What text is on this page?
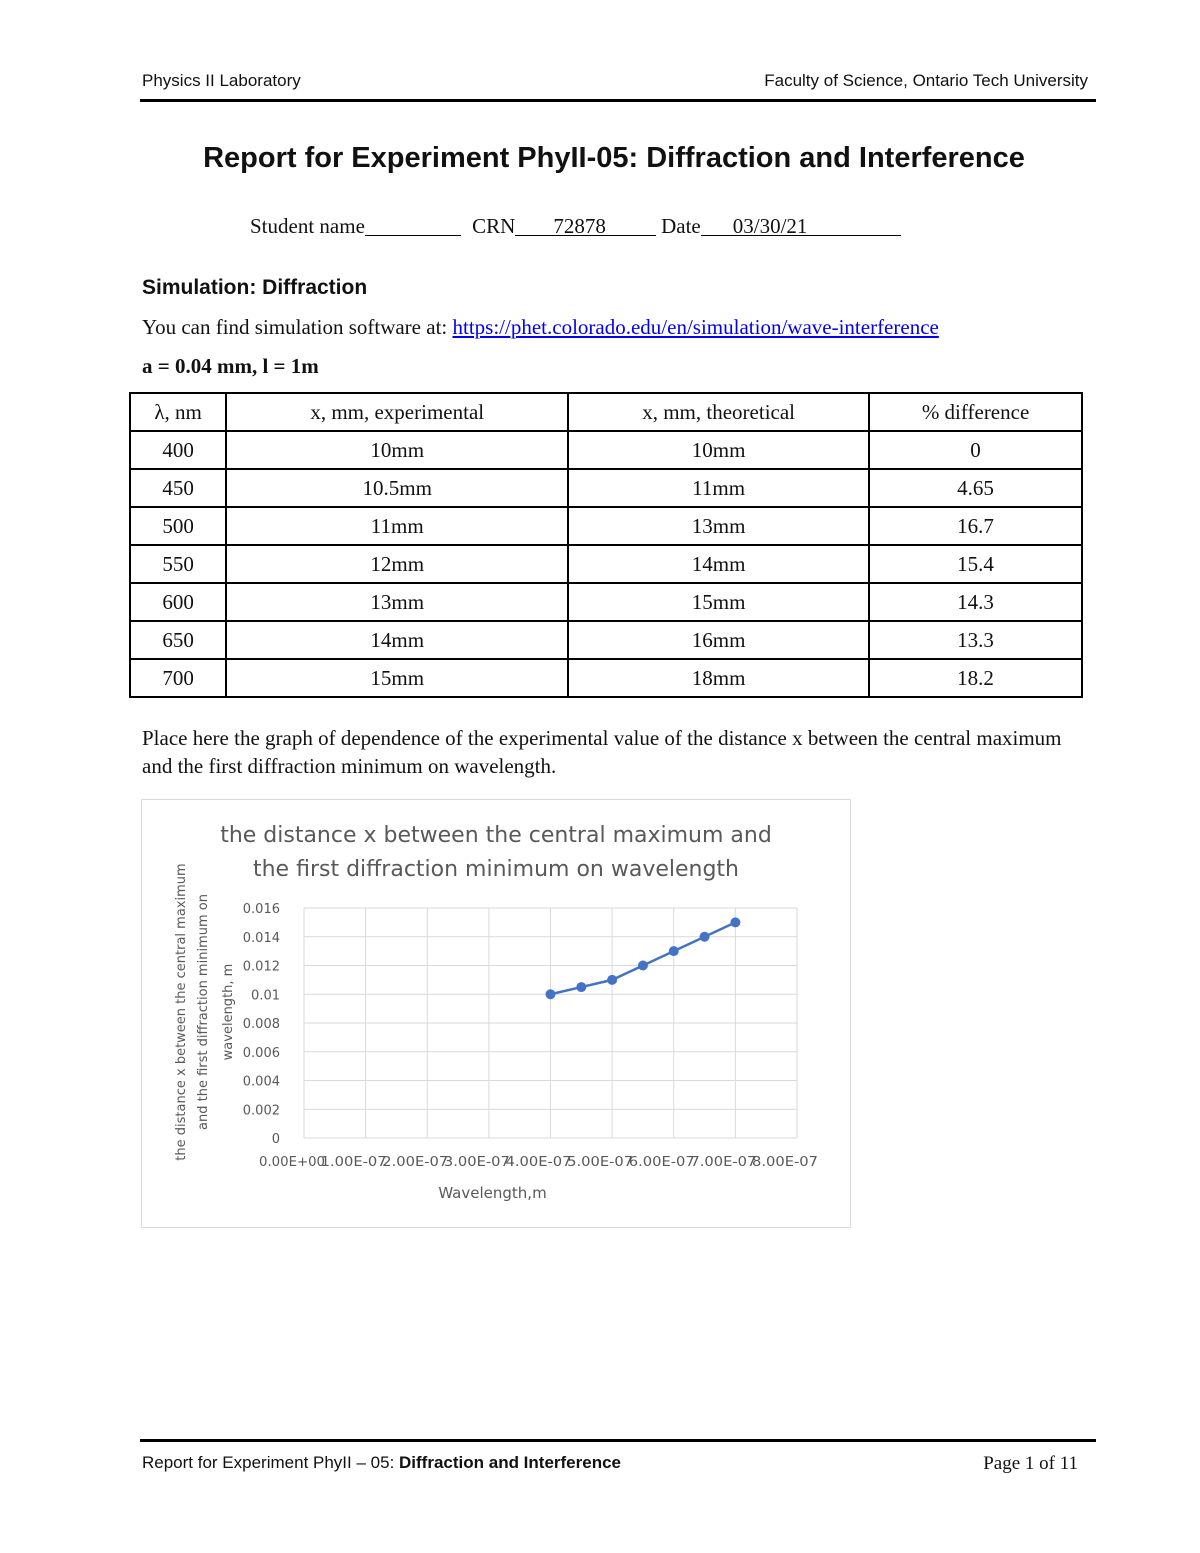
Physics II Laboratory	Faculty of Science, Ontario Tech University
Report for Experiment PhyII-05: Diffraction and Interference
Student name	CRN 72878	Date 03/30/21
Simulation: Diffraction
You can find simulation software at: https://phet.colorado.edu/en/simulation/wave-interference
a = 0.04 mm, l = 1m
λ, nm	x, mm, experimental	x, mm, theoretical	% difference
400	10mm	10mm	0
450	10.5mm	11mm	4.65
500	11mm	13mm	16.7
550	12mm	14mm	15.4
600	13mm	15mm	14.3
650	14mm	16mm	13.3
700	15mm	18mm	18.2
Place here the graph of dependence of the experimental value of the distance x between the central maximum and the first diffraction minimum on wavelength.
0
0.002
0.004
0.006
0.008
0.01
0.012
0.014
0.016
0.00E+00
1.00E-07
2.00E-07
3.00E-07
4.00E-07
5.00E-07
6.00E-07
7.00E-07
8.00E-07
the distance x between the central maximum and
the first diffraction minimum on wavelength
Wavelength,m
the distance x between the central maximum and the first diffraction minimum on wavelength, m
Report for Experiment PhyII – 05: Diffraction and Interference	Page 1 of 11
